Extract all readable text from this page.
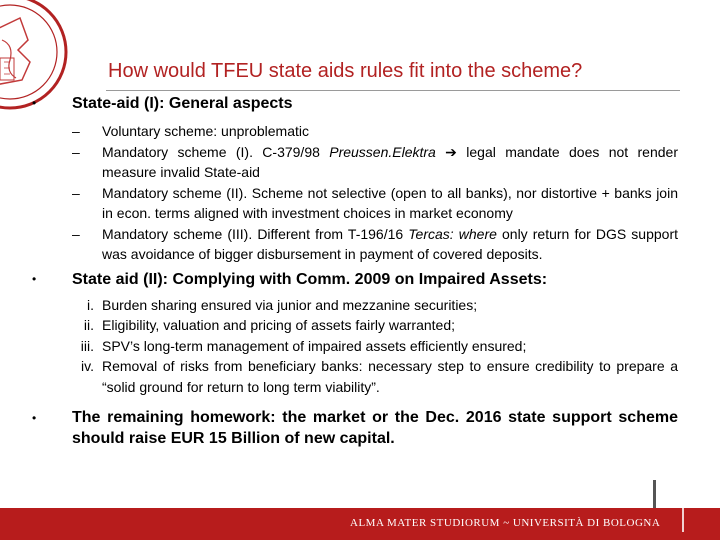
How would TFEU state aids rules fit into the scheme?
• State-aid (I): General aspects
–	Voluntary scheme: unproblematic
–	Mandatory scheme (I). C-379/98 Preussen.Elektra ➔ legal mandate does not render measure invalid State-aid
–	Mandatory scheme (II). Scheme not selective (open to all banks), nor distortive + banks join in econ. terms aligned with investment choices in market economy
–	Mandatory scheme (III). Different from T-196/16 Tercas: where only return for DGS support was avoidance of bigger disbursement in payment of covered deposits.
• State aid (II): Complying with Comm. 2009 on Impaired Assets:
i. Burden sharing ensured via junior and mezzanine securities;
ii. Eligibility, valuation and pricing of assets fairly warranted;
iii. SPV’s long-term management of impaired assets efficiently ensured;
iv. Removal of risks from beneficiary banks: necessary step to ensure credibility to prepare a “solid ground for return to long term viability”.
• The remaining homework: the market or the Dec. 2016 state support scheme should raise EUR 15 Billion of new capital.
ALMA MATER STUDIORUM ~ UNIVERSITÀ DI BOLOGNA
